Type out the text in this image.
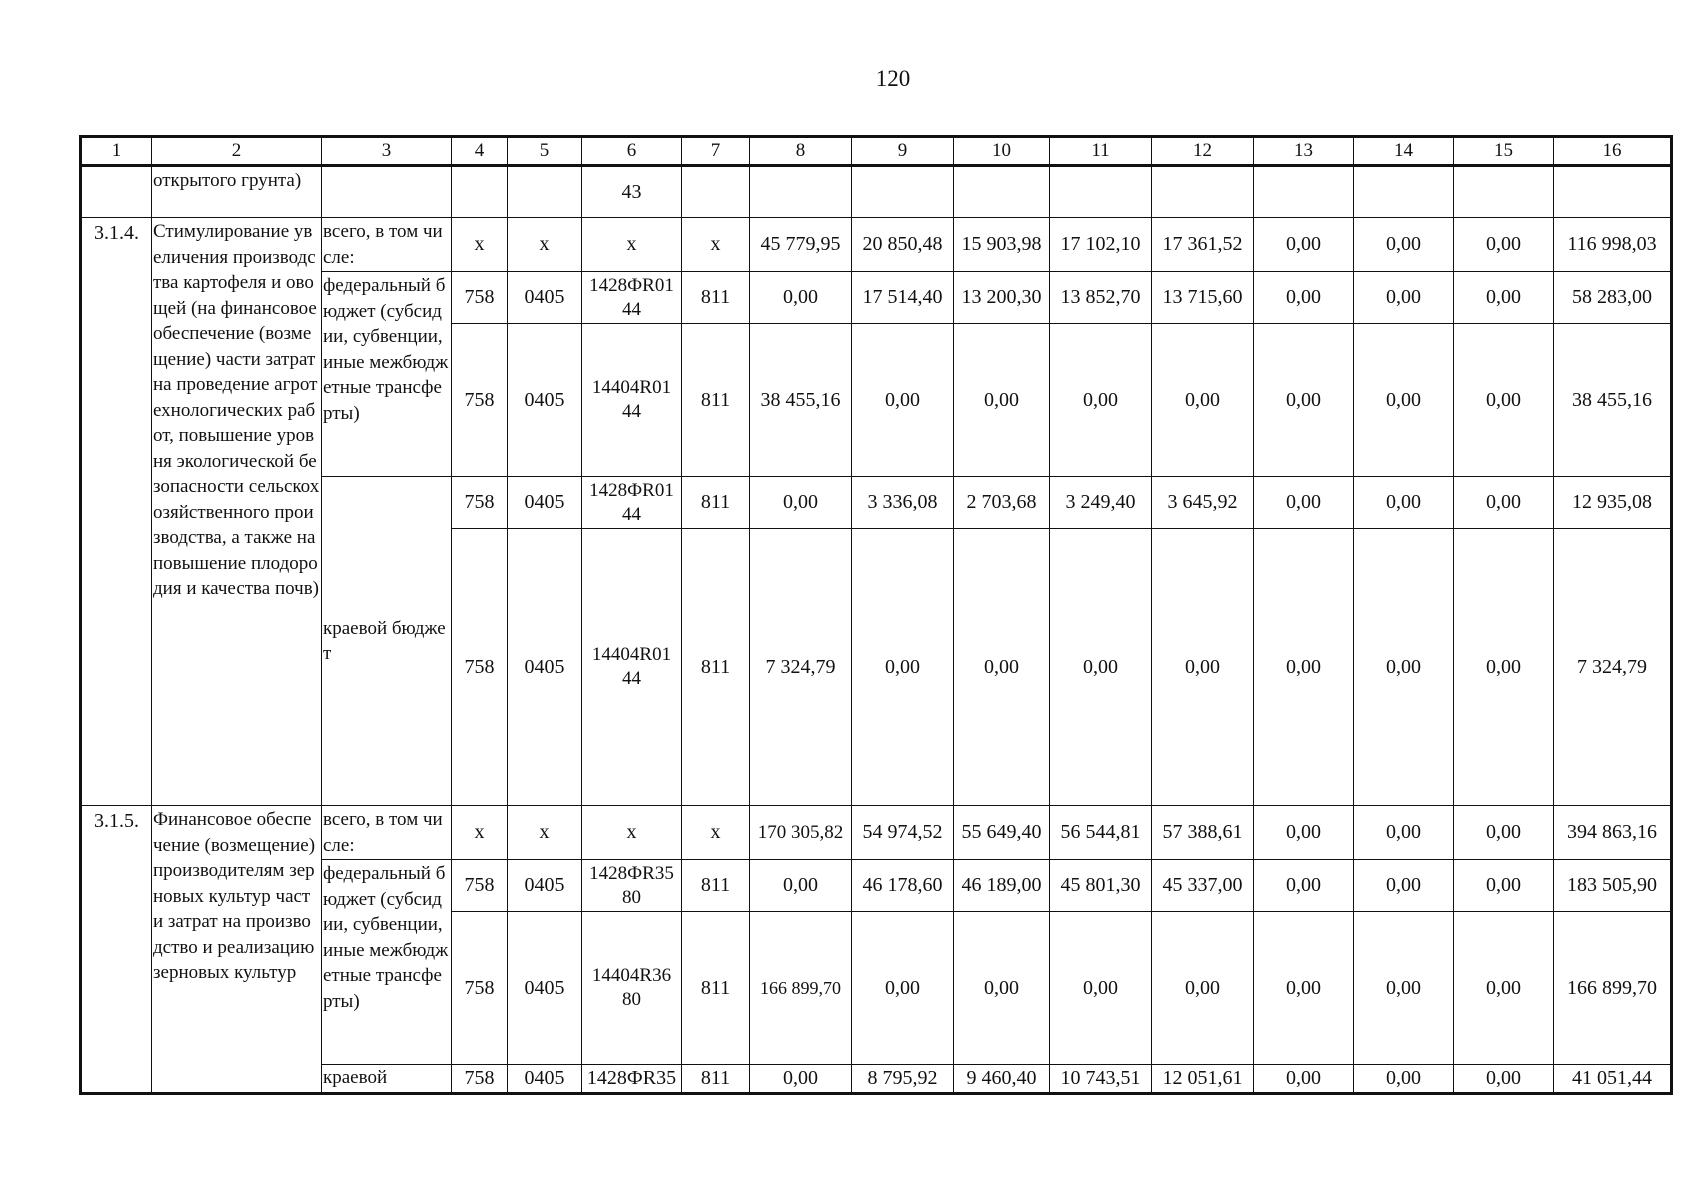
120
1	2	3	4	5	6	7	8	9	10	11	12	13	14	15	16
	открытого грунта)				43										
3.1.4.	Стимулирование увеличения производства картофеля и овощей (на финансовое обеспечение (возмещение) части затрат на проведение агротехнологических работ, повышение уровня экологической безопасности сельскохозяйственного производства, а также на повышение плодородия и качества почв)	всего, в том числе:	х	х	х	х	45 779,95	20 850,48	15 903,98	17 102,10	17 361,52	0,00	0,00	0,00	116 998,03
		федеральный бюджет (субсидии, субвенции, иные межбюджетные трансферты)	758	0405	1428ФR01 44	811	0,00	17 514,40	13 200,30	13 852,70	13 715,60	0,00	0,00	0,00	58 283,00
			758	0405	14404R01 44	811	38 455,16	0,00	0,00	0,00	0,00	0,00	0,00	0,00	38 455,16
		краевой бюджет	758	0405	1428ФR01 44	811	0,00	3 336,08	2 703,68	3 249,40	3 645,92	0,00	0,00	0,00	12 935,08
			758	0405	14404R01 44	811	7 324,79	0,00	0,00	0,00	0,00	0,00	0,00	0,00	7 324,79
3.1.5.	Финансовое обеспечение (возмещение) производителям зерновых культур части затрат на производство и реализацию зерновых культур	всего, в том числе:	х	х	х	х	170 305,82	54 974,52	55 649,40	56 544,81	57 388,61	0,00	0,00	0,00	394 863,16
		федеральный бюджет (субсидии, субвенции, иные межбюджетные трансферты)	758	0405	1428ФR35 80	811	0,00	46 178,60	46 189,00	45 801,30	45 337,00	0,00	0,00	0,00	183 505,90
			758	0405	14404R36 80	811	166 899,70	0,00	0,00	0,00	0,00	0,00	0,00	0,00	166 899,70
		краевой	758	0405	1428ФR35	811	0,00	8 795,92	9 460,40	10 743,51	12 051,61	0,00	0,00	0,00	41 051,44
